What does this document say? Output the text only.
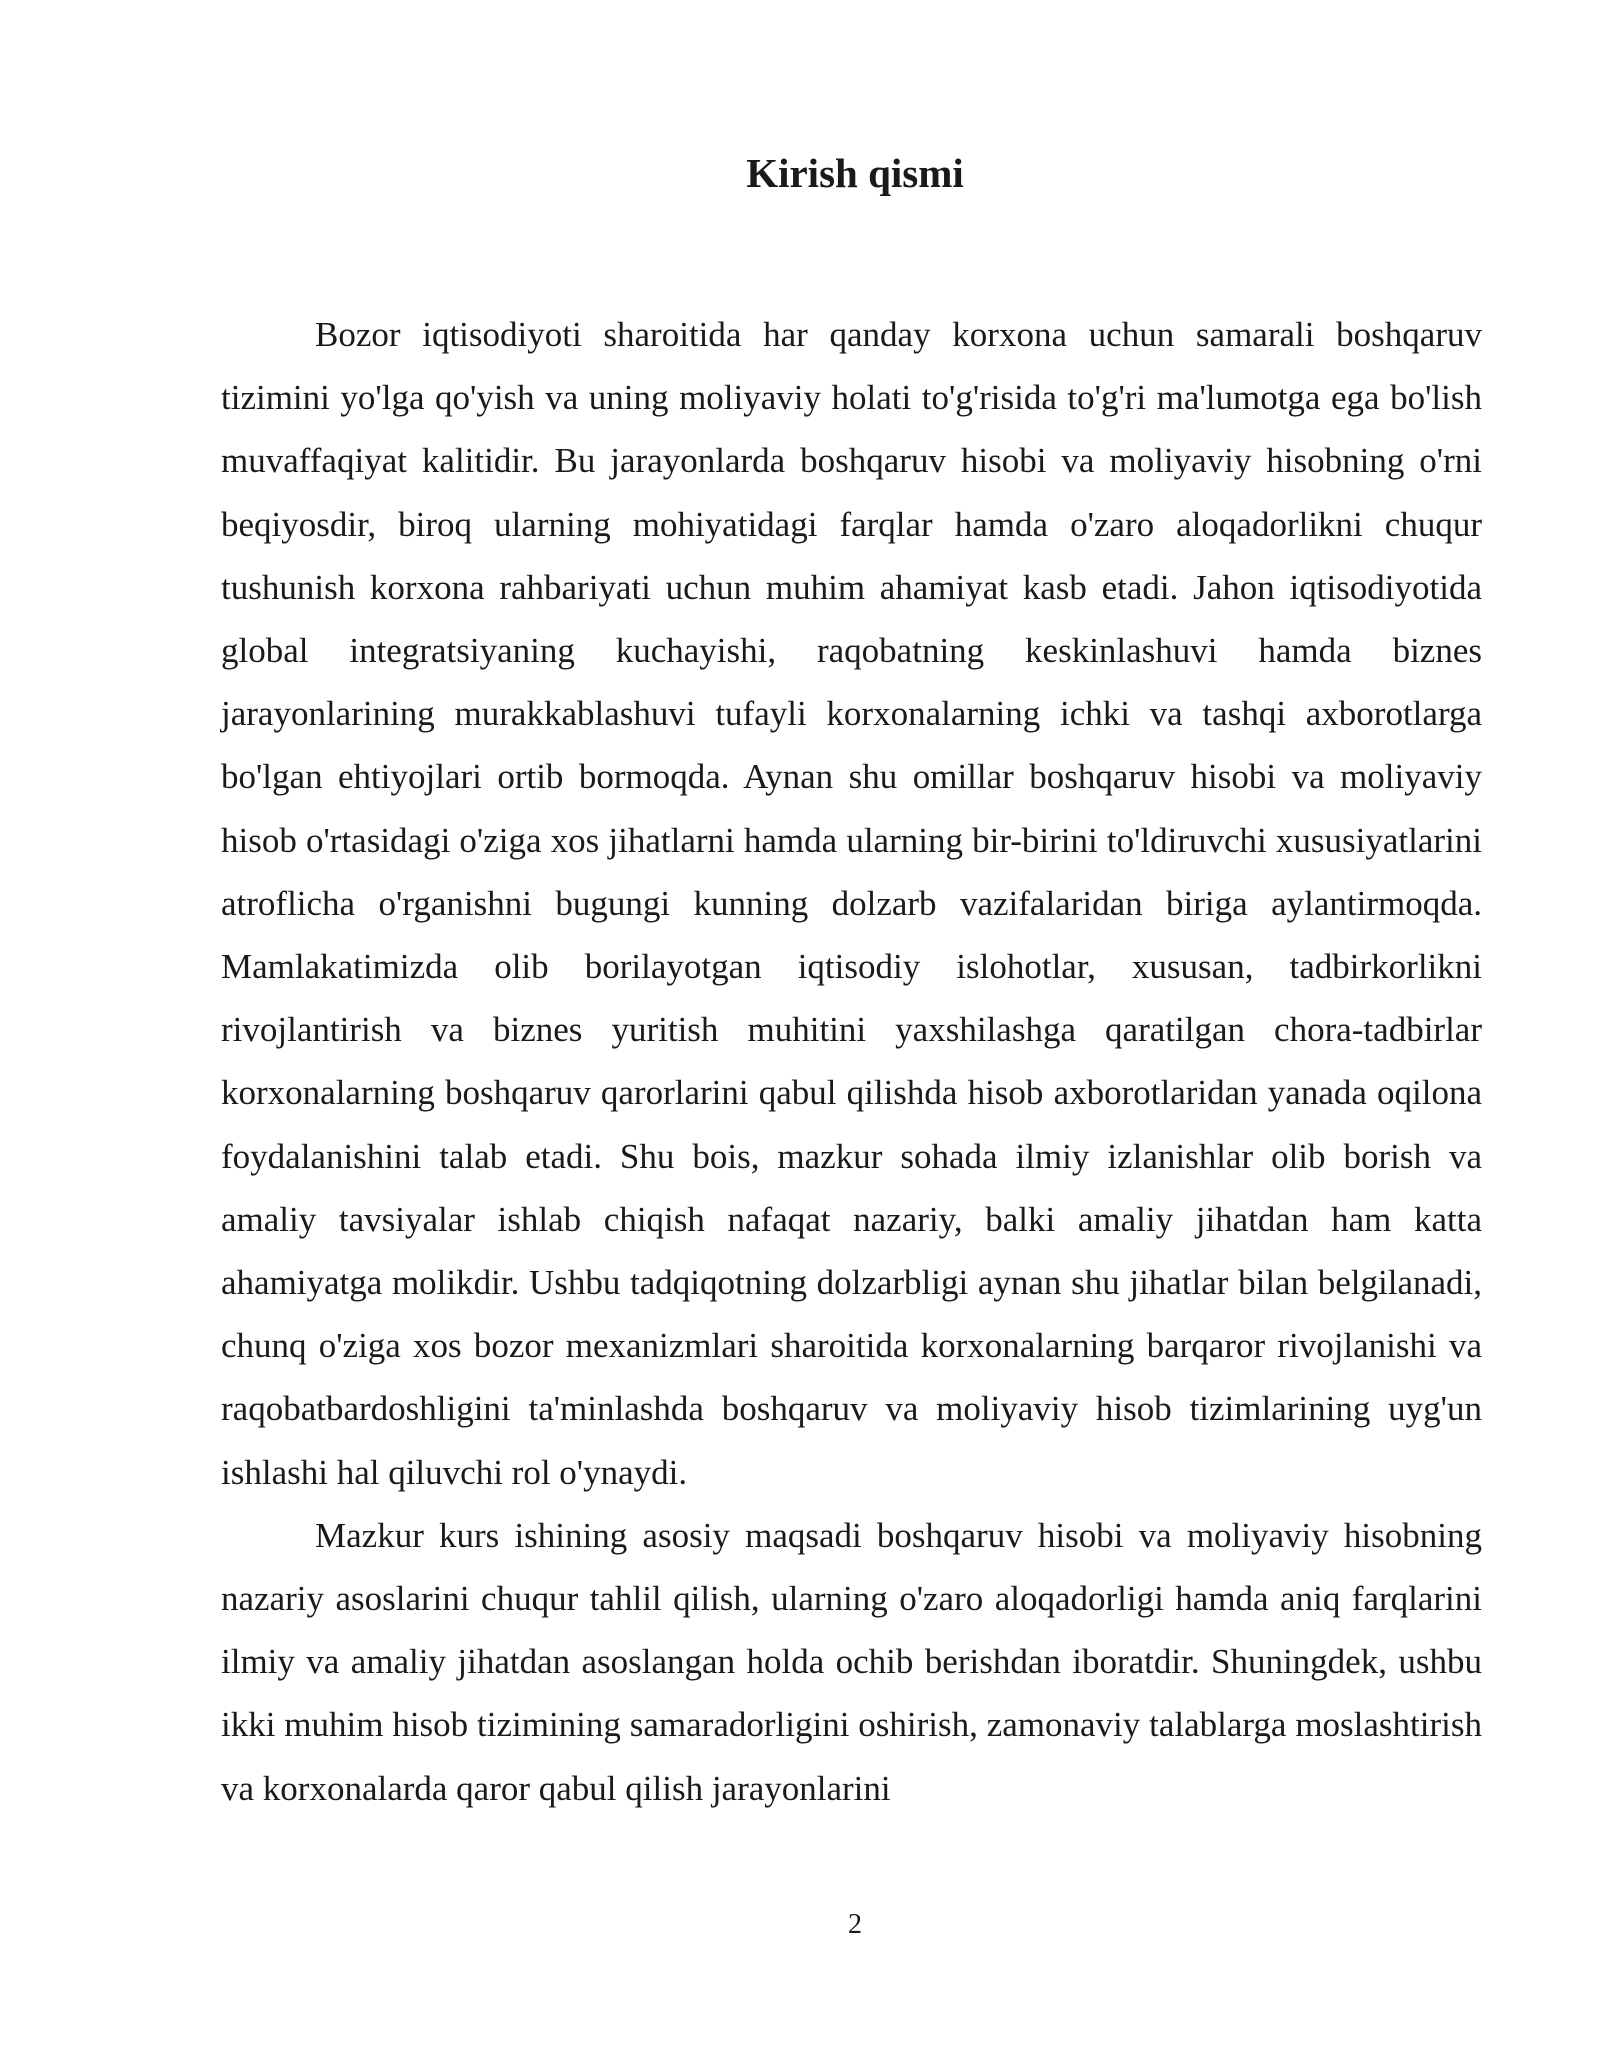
Kirish qismi

Bozor iqtisodiyoti sharoitida har qanday korxona uchun samarali boshqaruv tizimini yo'lga qo'yish va uning moliyaviy holati to'g'risida to'g'ri ma'lumotga ega bo'lish muvaffaqiyat kalitidir. Bu jarayonlarda boshqaruv hisobi va moliyaviy hisobning o'rni beqiyosdir, biroq ularning mohiyatidagi farqlar hamda o'zaro aloqadorlikni chuqur tushunish korxona rahbariyati uchun muhim ahamiyat kasb etadi. Jahon iqtisodiyotida global integratsiyaning kuchayishi, raqobatning keskinlashuvi hamda biznes jarayonlarining murakkablashuvi tufayli korxonalarning ichki va tashqi axborotlarga bo'lgan ehtiyojlari ortib bormoqda. Aynan shu omillar boshqaruv hisobi va moliyaviy hisob o'rtasidagi o'ziga xos jihatlarni hamda ularning bir-birini to'ldiruvchi xususiyatlarini atroflicha o'rganishni bugungi kunning dolzarb vazifalaridan biriga aylantirmoqda. Mamlakatimizda olib borilayotgan iqtisodiy islohotlar, xususan, tadbirkorlikni rivojlantirish va biznes yuritish muhitini yaxshilashga qaratilgan chora-tadbirlar korxonalarning boshqaruv qarorlarini qabul qilishda hisob axborotlaridan yanada oqilona foydalanishini talab etadi. Shu bois, mazkur sohada ilmiy izlanishlar olib borish va amaliy tavsiyalar ishlab chiqish nafaqat nazariy, balki amaliy jihatdan ham katta ahamiyatga molikdir. Ushbu tadqiqotning dolzarbligi aynan shu jihatlar bilan belgilanadi, chunq o'ziga xos bozor mexanizmlari sharoitida korxonalarning barqaror rivojlanishi va raqobatbardoshligini ta'minlashda boshqaruv va moliyaviy hisob tizimlarining uyg'un ishlashi hal qiluvchi rol o'ynaydi.

Mazkur kurs ishining asosiy maqsadi boshqaruv hisobi va moliyaviy hisobning nazariy asoslarini chuqur tahlil qilish, ularning o'zaro aloqadorligi hamda aniq farqlarini ilmiy va amaliy jihatdan asoslangan holda ochib berishdan iboratdir. Shuningdek, ushbu ikki muhim hisob tizimining samaradorligini oshirish, zamonaviy talablarga moslashtirish va korxonalarda qaror qabul qilish jarayonlarini

2
